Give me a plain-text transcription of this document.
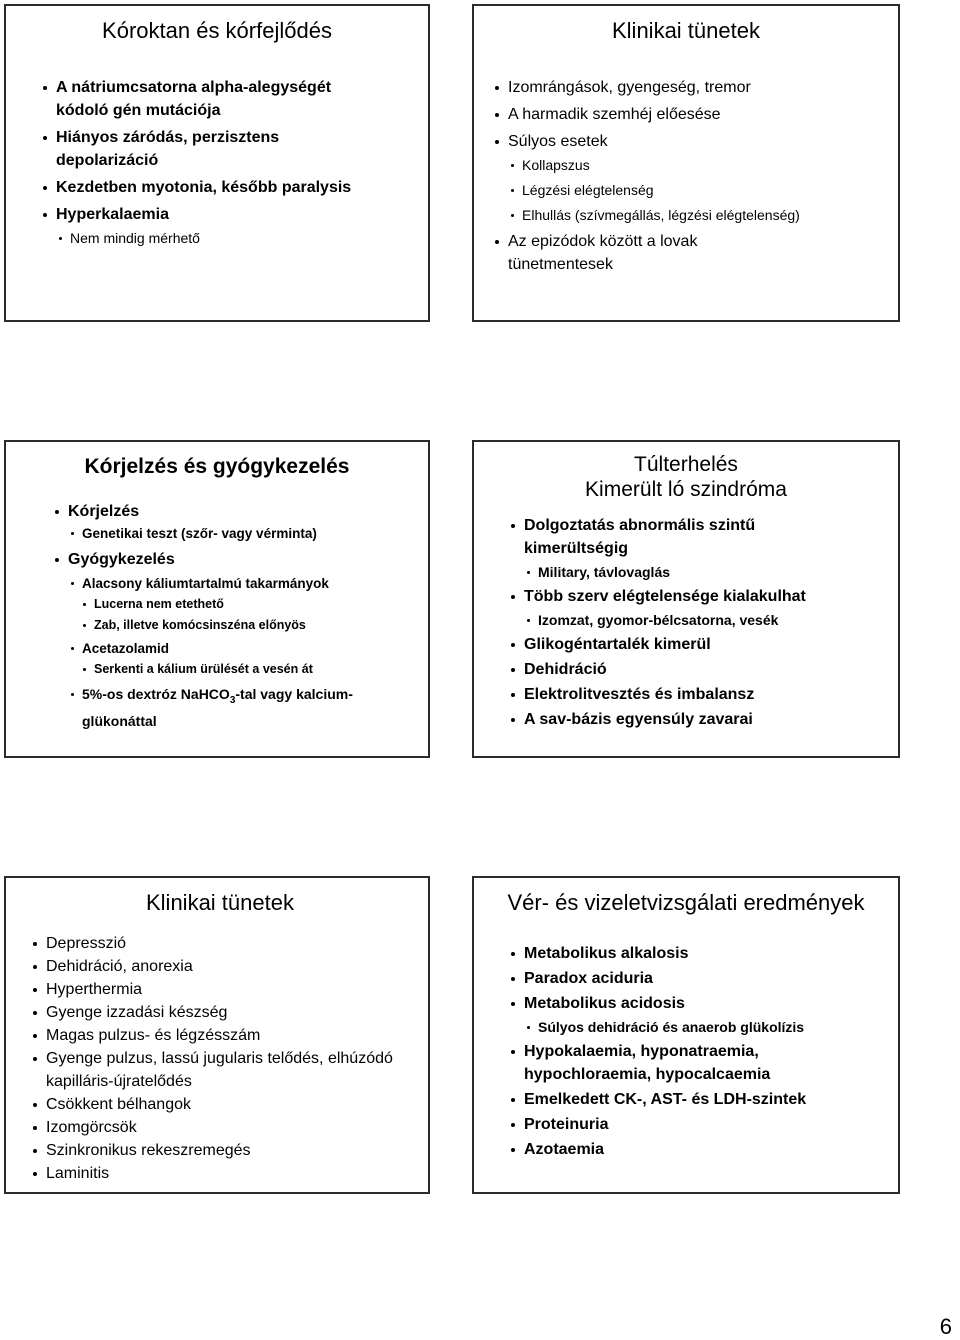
Kóroktan és kórfejlődés
A nátriumcsatorna alpha-alegységét kódoló gén mutációja
Hiányos záródás, perzisztens depolarizáció
Kezdetben myotonia, később paralysis
Hyperkalaemia
Nem mindig mérhető
Klinikai tünetek
Izomrángások, gyengeség, tremor
A harmadik szemhéj előesése
Súlyos esetek
Kollapszus
Légzési elégtelenség
Elhullás (szívmegállás, légzési elégtelenség)
Az epizódok között a lovak tünetmentesek
Kórjelzés és gyógykezelés
Kórjelzés
Genetikai teszt (szőr- vagy vérminta)
Gyógykezelés
Alacsony káliumtartalmú takarmányok
Lucerna nem etethető
Zab, illetve komócsinszéna előnyös
Acetazolamid
Serkenti a kálium ürülését a vesén át
5%-os dextróz NaHCO$_3$-tal vagy kalcium-glükonáttal
Túlterhelés
Kimerült ló szindróma
Dolgoztatás abnormális szintű kimerültségig
Military, távlovaglás
Több szerv elégtelensége kialakulhat
Izomzat, gyomor-bélcsatorna, vesék
Glikogéntartalék kimerül
Dehidráció
Elektrolitvesztés és imbalansz
A sav-bázis egyensúly zavarai
Klinikai tünetek
Depresszió
Dehidráció, anorexia
Hyperthermia
Gyenge izzadási készség
Magas pulzus- és légzésszám
Gyenge pulzus, lassú jugularis telődés, elhúzódó kapilláris-újratelődés
Csökkent bélhangok
Izomgörcsök
Szinkronikus rekeszremegés
Laminitis
Vér- és vizeletvizsgálati eredmények
Metabolikus alkalosis
Paradox aciduria
Metabolikus acidosis
Súlyos dehidráció és anaerob glükolízis
Hypokalaemia, hyponatraemia, hypochloraemia, hypocalcaemia
Emelkedett CK-, AST- és LDH-szintek
Proteinuria
Azotaemia
6
